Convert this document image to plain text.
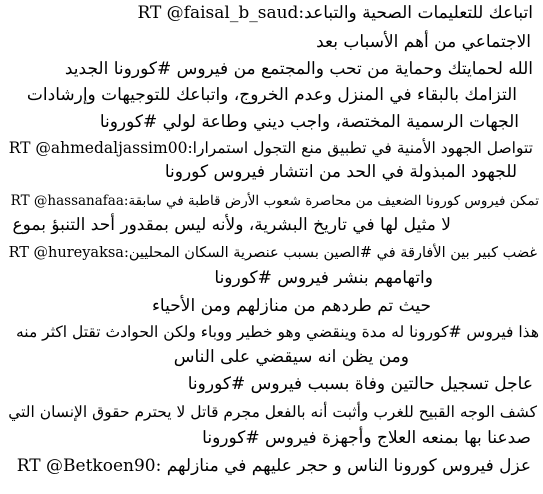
اتباعك للتعليمات الصحية والتباعد:RT @faisal_b_saud
الاجتماعي من أهم الأسباب بعد
الله لحمايتك وحماية من تحب والمجتمع من فيروس #كورونا الجديد
التزامك بالبقاء في المنزل وعدم الخروج، واتباعك للتوجيهات وإرشادات
الجهات الرسمية المختصة، واجب ديني وطاعة لولي #كورونا
تتواصل الجهود الأمنية في تطبيق منع التجول استمرارا:RT @ahmedaljassim00
للجهود المبذولة في الحد من انتشار فيروس كورونا
تمكن فيروس كورونا الضعيف من محاصرة شعوب الأرض قاطبة في سابقة:RT @hassanafaa
لا مثيل لها في تاريخ البشرية، ولأنه ليس بمقدور أحد التنبؤ بموع
غضب كبير بين الأفارقة في #الصين بسبب عنصرية السكان المحليين:RT @hureyaksa
واتهامهم بنشر فيروس #كورونا
حيث تم طردهم من منازلهم ومن الأحياء
هذا فيروس #كورونا له مدة وينقضي وهو خطير ووباء ولكن الحوادث تقتل اكثر منه
ومن يظن انه سيقضي على الناس
عاجل تسجيل حالتين وفاة بسبب فيروس #كورونا
كشف الوجه القبيح للغرب وأثبت أنه بالفعل مجرم قاتل لا يحترم حقوق الإنسان التي
صدعنا بها بمنعه العلاج وأجهزة فيروس #كورونا
عزل فيروس كورونا الناس و حجر عليهم في منازلهم :RT @Betkoen90
